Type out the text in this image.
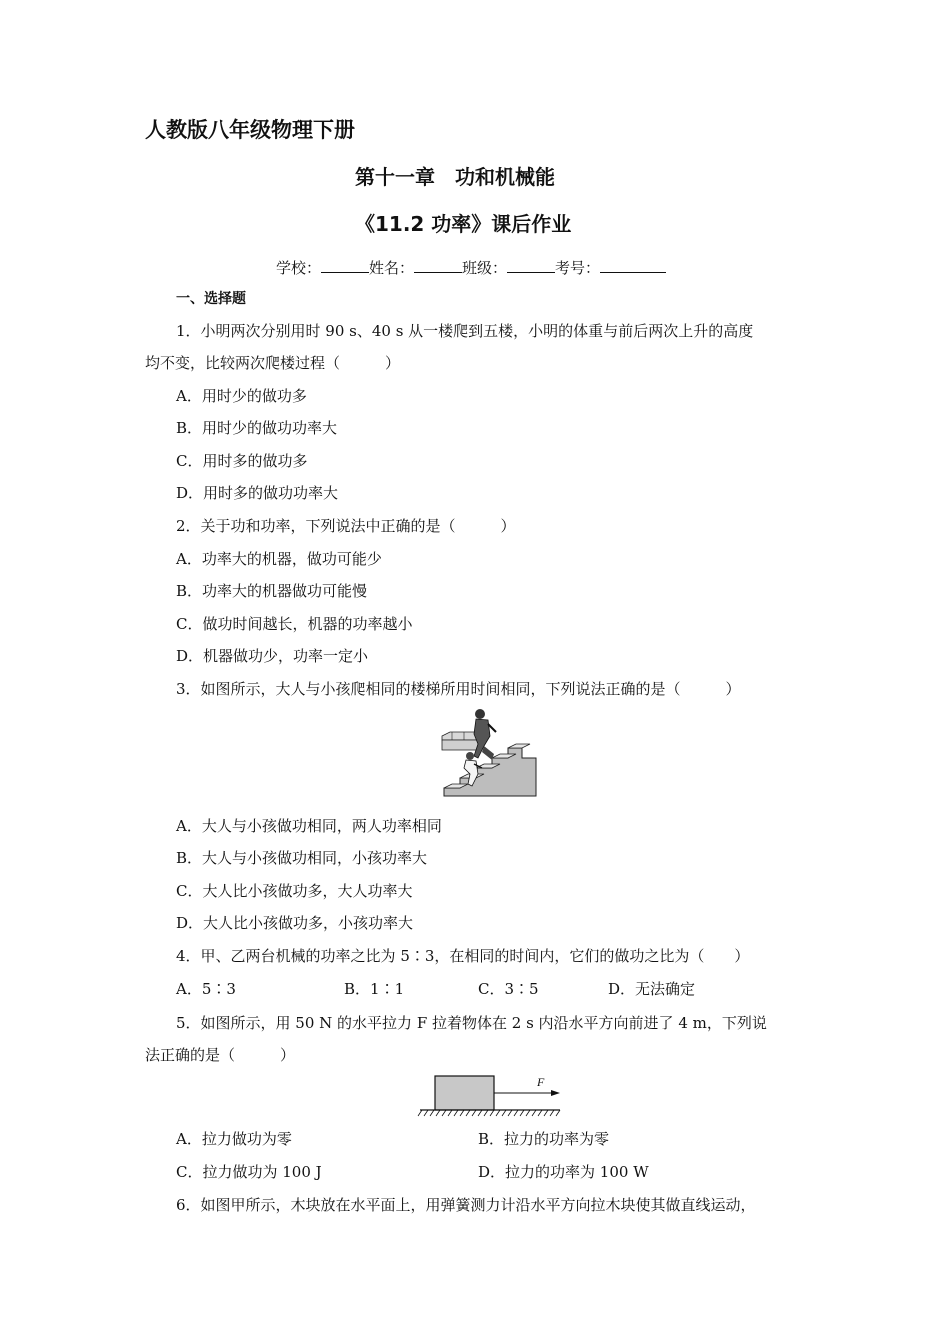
人教版八年级物理下册
第十一章　功和机械能
《11.2 功率》课后作业
学校：	姓名：	班级：	考号：
一、选择题
1．小明两次分别用时 90 s、40 s 从一楼爬到五楼，小明的体重与前后两次上升的高度
均不变，比较两次爬楼过程（　　　）
A．用时少的做功多
B．用时少的做功功率大
C．用时多的做功多
D．用时多的做功功率大
2．关于功和功率，下列说法中正确的是（　　　）
A．功率大的机器，做功可能少
B．功率大的机器做功可能慢
C．做功时间越长，机器的功率越小
D．机器做功少，功率一定小
3．如图所示，大人与小孩爬相同的楼梯所用时间相同，下列说法正确的是（　　　）
A．大人与小孩做功相同，两人功率相同
B．大人与小孩做功相同，小孩功率大
C．大人比小孩做功多，大人功率大
D．大人比小孩做功多，小孩功率大
4．甲、乙两台机械的功率之比为 5∶3，在相同的时间内，它们的做功之比为（　　）
A．5∶3	B．1∶1	C．3∶5	D．无法确定
5．如图所示，用 50 N 的水平拉力 F 拉着物体在 2 s 内沿水平方向前进了 4 m，下列说
法正确的是（　　　）
F
A．拉力做功为零	B．拉力的功率为零
C．拉力做功为 100 J	D．拉力的功率为 100 W
6．如图甲所示，木块放在水平面上，用弹簧测力计沿水平方向拉木块使其做直线运动，
